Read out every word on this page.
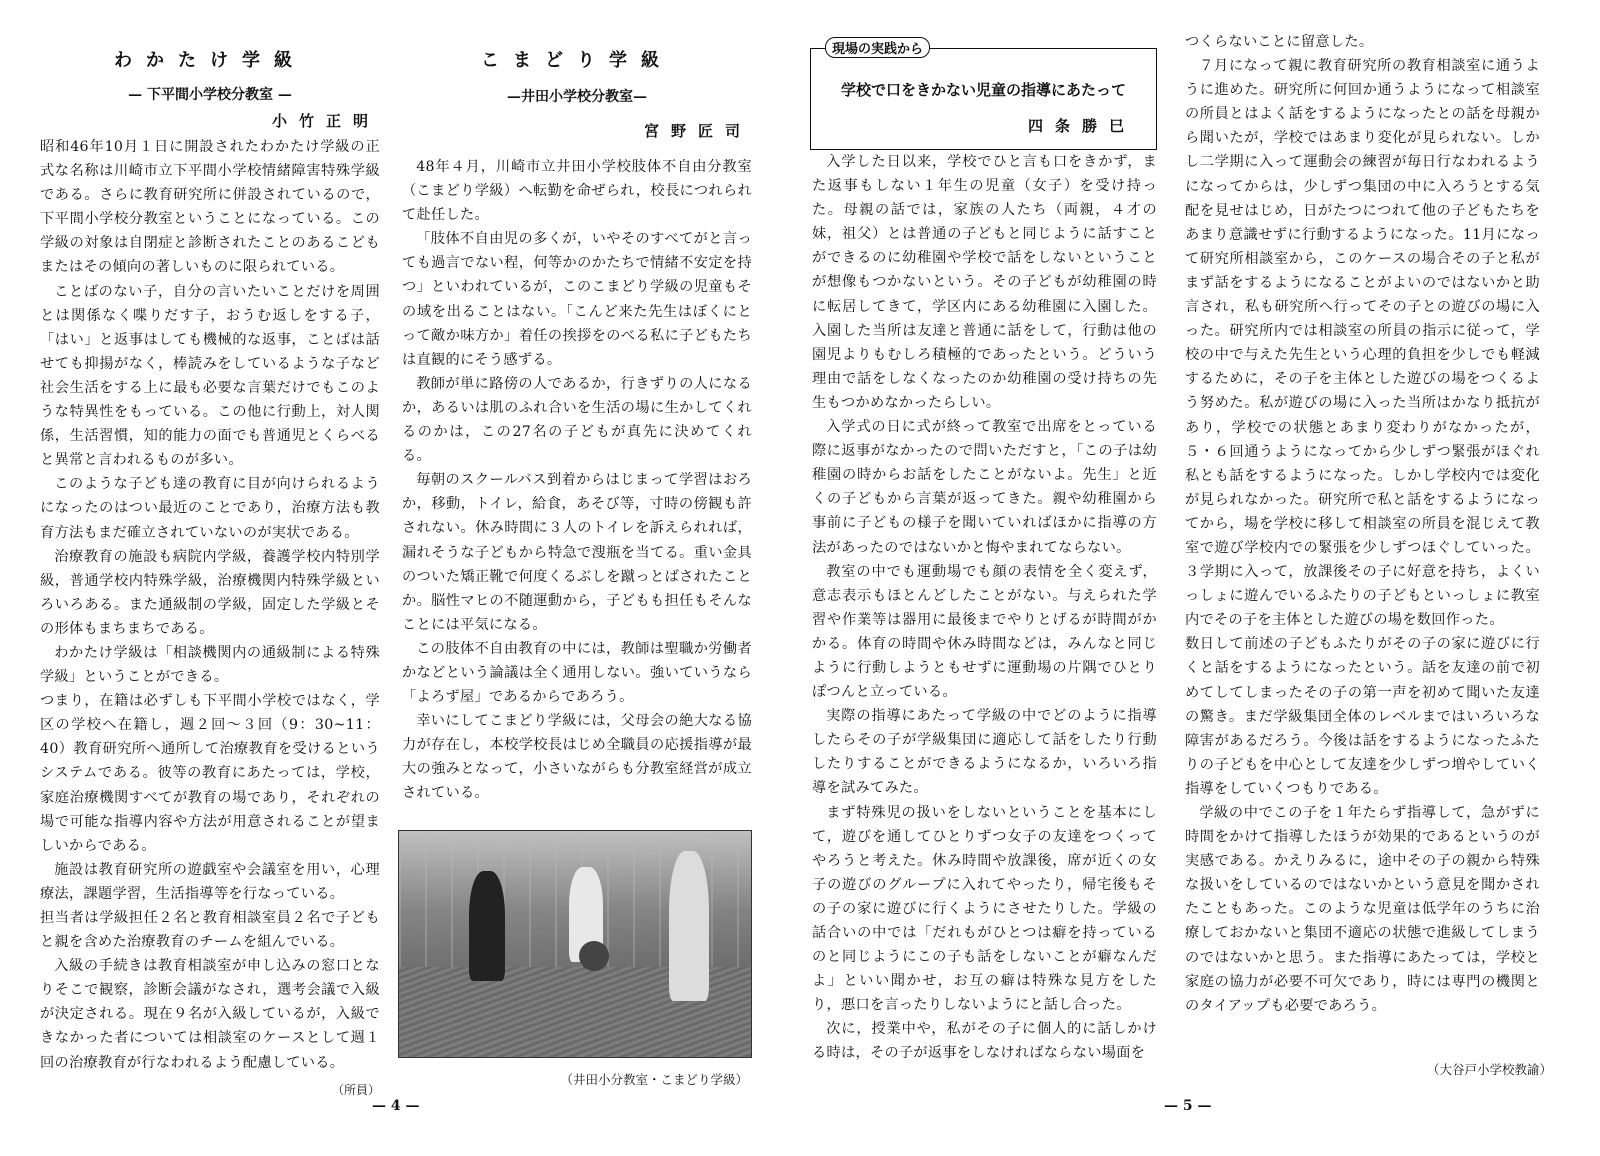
わかたけ学級
— 下平間小学校分教室 —
小竹正明

昭和46年10月１日に開設されたわかたけ学級の正式な名称は川崎市立下平間小学校情緒障害特殊学級である。さらに教育研究所に併設されているので，下平間小学校分教室ということになっている。この学級の対象は自閉症と診断されたことのあるこどもまたはその傾向の著しいものに限られている。

ことばのない子，自分の言いたいことだけを周囲とは関係なく喋りだす子，おうむ返しをする子，「はい」と返事はしても機械的な返事，ことばは話せても抑揚がなく，棒読みをしているような子など社会生活をする上に最も必要な言葉だけでもこのような特異性をもっている。この他に行動上，対人関係，生活習慣，知的能力の面でも普通児とくらべると異常と言われるものが多い。

このような子ども達の教育に目が向けられるようになったのはつい最近のことであり，治療方法も教育方法もまだ確立されていないのが実状である。

治療教育の施設も病院内学級，養護学校内特別学級，普通学校内特殊学級，治療機関内特殊学級といろいろある。また通級制の学級，固定した学級とその形体もまちまちである。

わかたけ学級は「相談機関内の通級制による特殊学級」ということができる。

つまり，在籍は必ずしも下平間小学校ではなく，学区の学校へ在籍し，週２回～３回（9：30~11：40）教育研究所へ通所して治療教育を受けるというシステムである。彼等の教育にあたっては，学校，家庭治療機関すべてが教育の場であり，それぞれの場で可能な指導内容や方法が用意されることが望ましいからである。

施設は教育研究所の遊戯室や会議室を用い，心理療法，課題学習，生活指導等を行なっている。

担当者は学級担任２名と教育相談室員２名で子どもと親を含めた治療教育のチームを組んでいる。

入級の手続きは教育相談室が申し込みの窓口となりそこで観察，診断会議がなされ，選考会議で入級が決定される。現在９名が入級しているが，入級できなかった者については相談室のケースとして週１回の治療教育が行なわれるよう配慮している。

（所員）
こまどり学級
—井田小学校分教室—
宮野匠司

48年４月，川崎市立井田小学校肢体不自由分教室（こまどり学級）へ転勤を命ぜられ，校長につれられて赴任した。

「肢体不自由児の多くが，いやそのすべてがと言っても過言でない程，何等かのかたちで情緒不安定を持つ」といわれているが，このこまどり学級の児童もその域を出ることはない。「こんど来た先生はぼくにとって敵か味方か」着任の挨拶をのべる私に子どもたちは直観的にそう感ずる。

教師が単に路傍の人であるか，行きずりの人になるか，あるいは肌のふれ合いを生活の場に生かしてくれるのかは，この27名の子どもが真先に決めてくれる。

毎朝のスクールバス到着からはじまって学習はおろか，移動，トイレ，給食，あそび等，寸時の傍観も許されない。休み時間に３人のトイレを訴えられれば，漏れそうな子どもから特急で溲瓶を当てる。重い金具のついた矯正靴で何度くるぶしを蹴っとばされたことか。脳性マヒの不随運動から，子どもも担任もそんなことには平気になる。

この肢体不自由教育の中には，教師は聖職か労働者かなどという論議は全く通用しない。強いていうなら「よろず屋」であるからであろう。

幸いにしてこまどり学級には，父母会の絶大なる協力が存在し，本校学校長はじめ全職員の応援指導が最大の強みとなって，小さいながらも分教室経営が成立されている。

（井田小分教室・こまどり学級）
— 4 —	— 5 —
現場の実践から
学校で口をきかない児童の指導にあたって
四条勝巳

入学した日以来，学校でひと言も口をきかず，また返事もしない１年生の児童（女子）を受け持った。母親の話では，家族の人たち（両親，４才の妹，祖父）とは普通の子どもと同じように話すことができるのに幼稚園や学校で話をしないということが想像もつかないという。その子どもが幼稚園の時に転居してきて，学区内にある幼稚園に入園した。入園した当所は友達と普通に話をして，行動は他の園児よりもむしろ積極的であったという。どういう理由で話をしなくなったのか幼稚園の受け持ちの先生もつかめなかったらしい。

入学式の日に式が終って教室で出席をとっている際に返事がなかったので問いただすと，「この子は幼稚園の時からお話をしたことがないよ。先生」と近くの子どもから言葉が返ってきた。親や幼稚園から事前に子どもの様子を聞いていればほかに指導の方法があったのではないかと悔やまれてならない。

教室の中でも運動場でも顔の表情を全く変えず，意志表示もほとんどしたことがない。与えられた学習や作業等は器用に最後までやりとげるが時間がかかる。体育の時間や休み時間などは，みんなと同じように行動しようともせずに運動場の片隅でひとりぽつんと立っている。

実際の指導にあたって学級の中でどのように指導したらその子が学級集団に適応して話をしたり行動したりすることができるようになるか，いろいろ指導を試みてみた。

まず特殊児の扱いをしないということを基本にして，遊びを通してひとりずつ女子の友達をつくってやろうと考えた。休み時間や放課後，席が近くの女子の遊びのグループに入れてやったり，帰宅後もその子の家に遊びに行くようにさせたりした。学級の話合いの中では「だれもがひとつは癖を持っているのと同じようにこの子も話をしないことが癖なんだよ」といい聞かせ，お互の癖は特殊な見方をしたり，悪口を言ったりしないようにと話し合った。

次に，授業中や，私がその子に個人的に話しかける時は，その子が返事をしなければならない場面を

つくらないことに留意した。

７月になって親に教育研究所の教育相談室に通うように進めた。研究所に何回か通うようになって相談室の所員とはよく話をするようになったとの話を母親から聞いたが，学校ではあまり変化が見られない。しかし二学期に入って運動会の練習が毎日行なわれるようになってからは，少しずつ集団の中に入ろうとする気配を見せはじめ，日がたつにつれて他の子どもたちをあまり意識せずに行動するようになった。11月になって研究所相談室から，このケースの場合その子と私がまず話をするようになることがよいのではないかと助言され，私も研究所へ行ってその子との遊びの場に入った。研究所内では相談室の所員の指示に従って，学校の中で与えた先生という心理的負担を少しでも軽減するために，その子を主体とした遊びの場をつくるよう努めた。私が遊びの場に入った当所はかなり抵抗があり，学校での状態とあまり変わりがなかったが，５・６回通うようになってから少しずつ緊張がほぐれ私とも話をするようになった。しかし学校内では変化が見られなかった。研究所で私と話をするようになってから，場を学校に移して相談室の所員を混じえて教室で遊び学校内での緊張を少しずつほぐしていった。３学期に入って，放課後その子に好意を持ち，よくいっしょに遊んでいるふたりの子どもといっしょに教室内でその子を主体とした遊びの場を数回作った。

数日して前述の子どもふたりがその子の家に遊びに行くと話をするようになったという。話を友達の前で初めてしてしまったその子の第一声を初めて聞いた友達の驚き。まだ学級集団全体のレベルまではいろいろな障害があるだろう。今後は話をするようになったふたりの子どもを中心として友達を少しずつ増やしていく指導をしていくつもりである。

学級の中でこの子を１年たらず指導して，急がずに時間をかけて指導したほうが効果的であるというのが実感である。かえりみるに，途中その子の親から特殊な扱いをしているのではないかという意見を聞かされたこともあった。このような児童は低学年のうちに治療しておかないと集団不適応の状態で進級してしまうのではないかと思う。また指導にあたっては，学校と家庭の協力が必要不可欠であり，時には専門の機関とのタイアップも必要であろう。

（大谷戸小学校教諭）
